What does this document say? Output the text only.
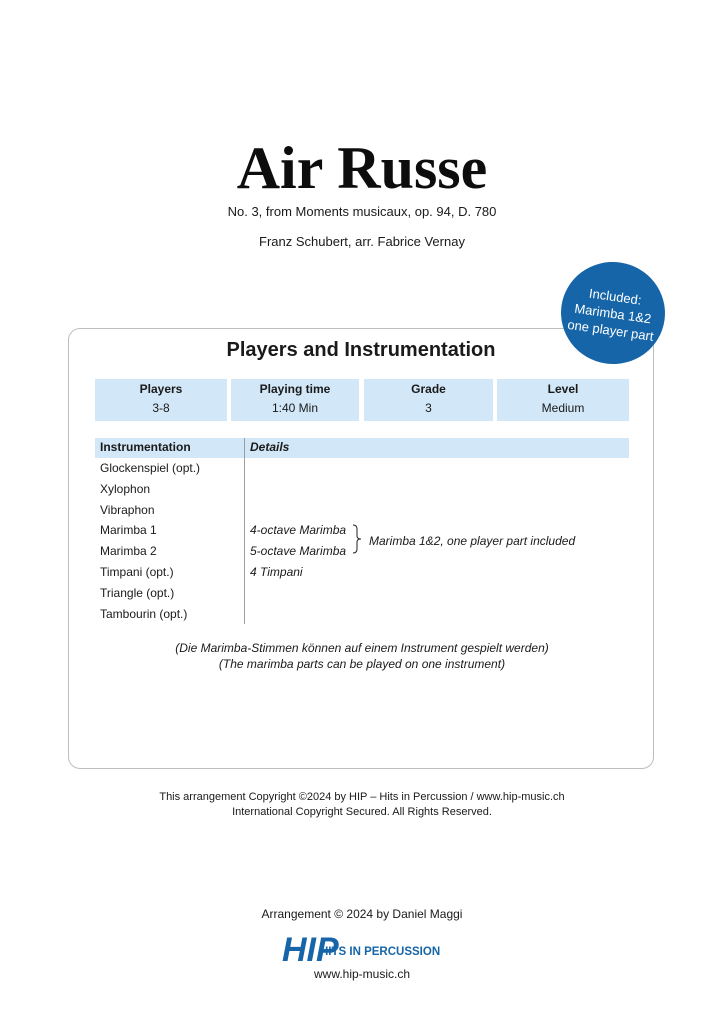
Air Russe
No. 3, from Moments musicaux, op. 94, D. 780
Franz Schubert, arr. Fabrice Vernay
Included:
Marimba 1&2
one player part
Players and Instrumentation
Players
3-8
Playing time
1:40 Min
Grade
3
Level
Medium
Instrumentation	Details
Glockenspiel (opt.)
Xylophon
Vibraphon
Marimba 1
Marimba 2
Timpani (opt.)
Triangle (opt.)
Tambourin (opt.)
4-octave Marimba
5-octave Marimba
4 Timpani
Marimba 1&2, one player part included
(Die Marimba-Stimmen können auf einem Instrument gespielt werden)
(The marimba parts can be played on one instrument)
This arrangement Copyright ©2024 by HIP – Hits in Percussion / www.hip-music.ch
International Copyright Secured. All Rights Reserved.
Arrangement © 2024 by Daniel Maggi
HIP
HITS IN PERCUSSION
www.hip-music.ch
